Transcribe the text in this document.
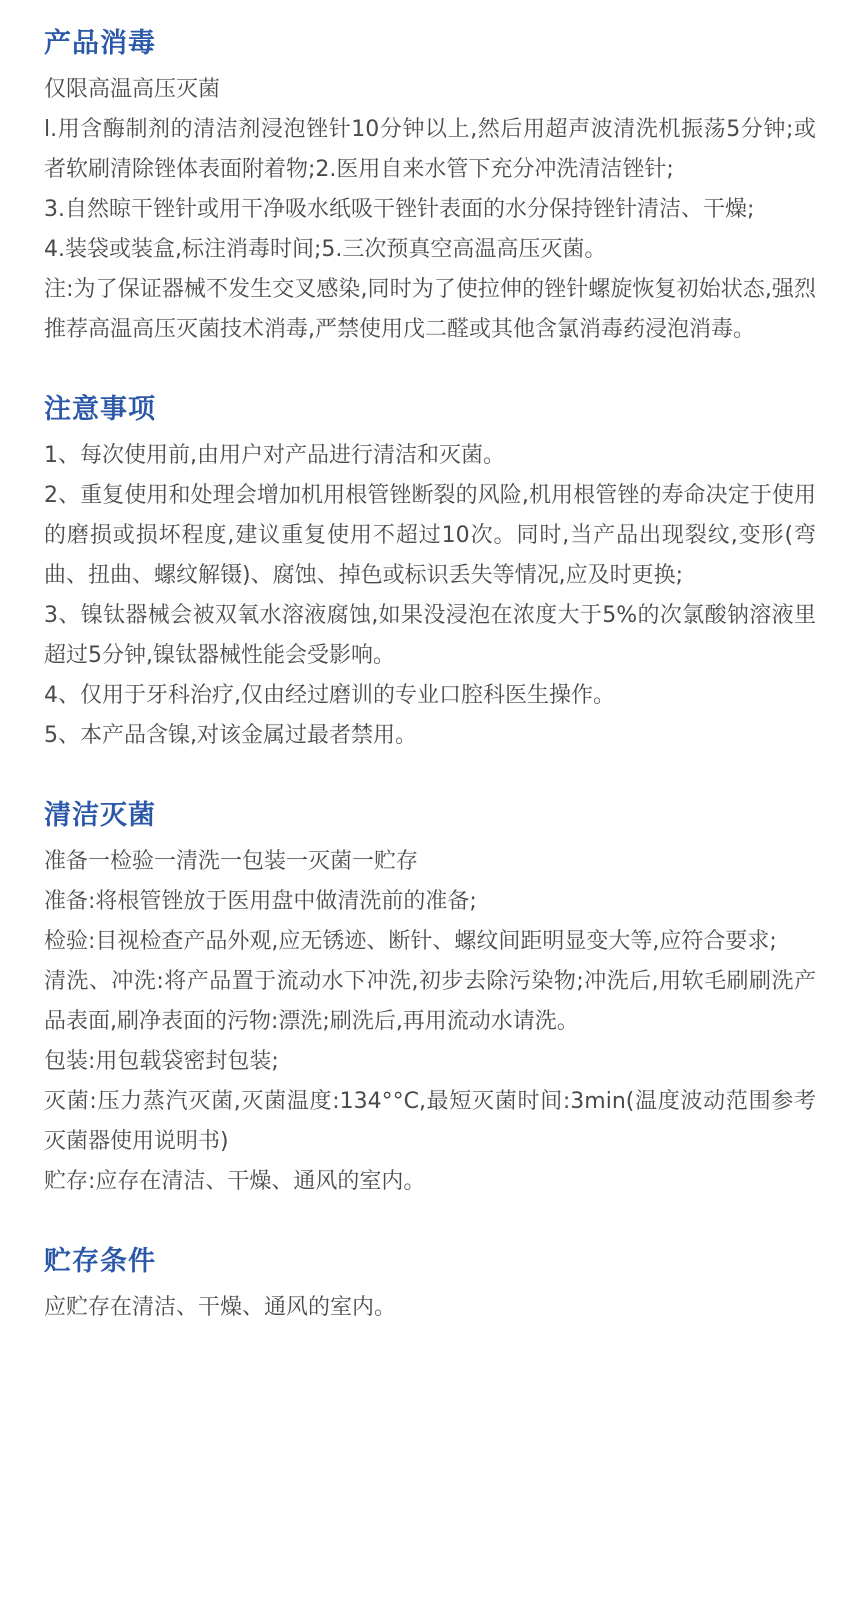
产品消毒

仅限高温高压灭菌

l.用含酶制剂的清洁剂浸泡锉针10分钟以上,然后用超声波清洗机振荡5分钟;或者软刷清除锉体表面附着物;2.医用自来水管下充分冲洗清洁锉针;

3.自然晾干锉针或用干净吸水纸吸干锉针表面的水分保持锉针清洁、干燥;

4.装袋或装盒,标注消毒时间;5.三次预真空高温高压灭菌。

注:为了保证器械不发生交叉感染,同时为了使拉伸的锉针螺旋恢复初始状态,强烈推荐高温高压灭菌技术消毒,严禁使用戊二醛或其他含氯消毒药浸泡消毒。

注意事项

1、每次使用前,由用户对产品进行清洁和灭菌。

2、重复使用和处理会增加机用根管锉断裂的风险,机用根管锉的寿命决定于使用的磨损或损坏程度,建议重复使用不超过10次。同时,当产品出现裂纹,变形(弯曲、扭曲、螺纹解镊)、腐蚀、掉色或标识丢失等情况,应及时更换;

3、镍钛器械会被双氧水溶液腐蚀,如果没浸泡在浓度大于5%的次氯酸钠溶液里超过5分钟,镍钛器械性能会受影响。

4、仅用于牙科治疗,仅由经过磨训的专业口腔科医生操作。

5、本产品含镍,对该金属过最者禁用。

清洁灭菌

准备一检验一清洗一包装一灭菌一贮存

准备:将根管锉放于医用盘中做清洗前的准备;

检验:目视检查产品外观,应无锈迹、断针、螺纹间距明显变大等,应符合要求;

清洗、冲洗:将产品置于流动水下冲洗,初步去除污染物;冲洗后,用软毛刷刷洗产品表面,刷净表面的污物:漂洗;刷洗后,再用流动水请洗。

包装:用包载袋密封包装;

灭菌:压力蒸汽灭菌,灭菌温度:134°°C,最短灭菌时间:3min(温度波动范围参考灭菌器使用说明书)

贮存:应存在清洁、干燥、通风的室内。

贮存条件

应贮存在清洁、干燥、通风的室内。
